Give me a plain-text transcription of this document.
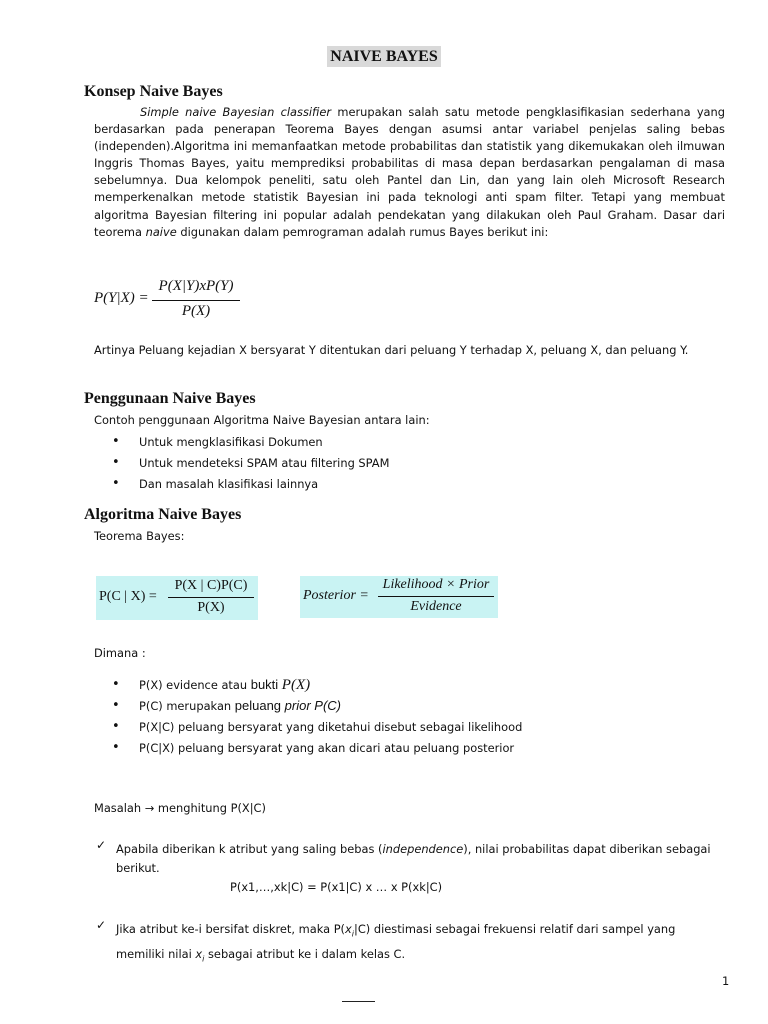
NAIVE BAYES
Konsep Naive Bayes
Simple naive Bayesian classifier merupakan salah satu metode pengklasifikasian sederhana yang berdasarkan pada penerapan Teorema Bayes dengan asumsi antar variabel penjelas saling bebas (independen).Algoritma ini memanfaatkan metode probabilitas dan statistik yang dikemukakan oleh ilmuwan Inggris Thomas Bayes, yaitu memprediksi probabilitas di masa depan berdasarkan pengalaman di masa sebelumnya. Dua kelompok peneliti, satu oleh Pantel dan Lin, dan yang lain oleh Microsoft Research memperkenalkan metode statistik Bayesian ini pada teknologi anti spam filter. Tetapi yang membuat algoritma Bayesian filtering ini popular adalah pendekatan yang dilakukan oleh Paul Graham. Dasar dari teorema naive digunakan dalam pemrograman adalah rumus Bayes berikut ini:
P(Y|X) =
P(X|Y)xP(Y)
P(X)
Artinya Peluang kejadian X bersyarat Y ditentukan dari peluang Y terhadap X, peluang X, dan peluang Y.
Penggunaan Naive Bayes
Contoh penggunaan Algoritma Naive Bayesian antara lain:
• Untuk mengklasifikasi Dokumen
• Untuk mendeteksi SPAM atau filtering SPAM
• Dan masalah klasifikasi lainnya
Algoritma Naive Bayes
Teorema Bayes:
P(C | X) =
P(X | C)P(C)
P(X)
Posterior =
Likelihood × Prior
Evidence
Dimana :
• P(X) evidence atau bukti P(X)
• P(C) merupakan peluang prior P(C)
• P(X|C) peluang bersyarat yang diketahui disebut sebagai likelihood
• P(C|X) peluang bersyarat yang akan dicari atau peluang posterior
Masalah → menghitung P(X|C)
✓ Apabila diberikan k atribut yang saling bebas (independence), nilai probabilitas dapat diberikan sebagai berikut.
P(x1,…,xk|C) = P(x1|C) x … x P(xk|C)
✓ Jika atribut ke-i bersifat diskret, maka $P(x_i|C)$ diestimasi sebagai frekuensi relatif dari sampel yang memiliki nilai $x_i$ sebagai atribut ke i dalam kelas C.
1
